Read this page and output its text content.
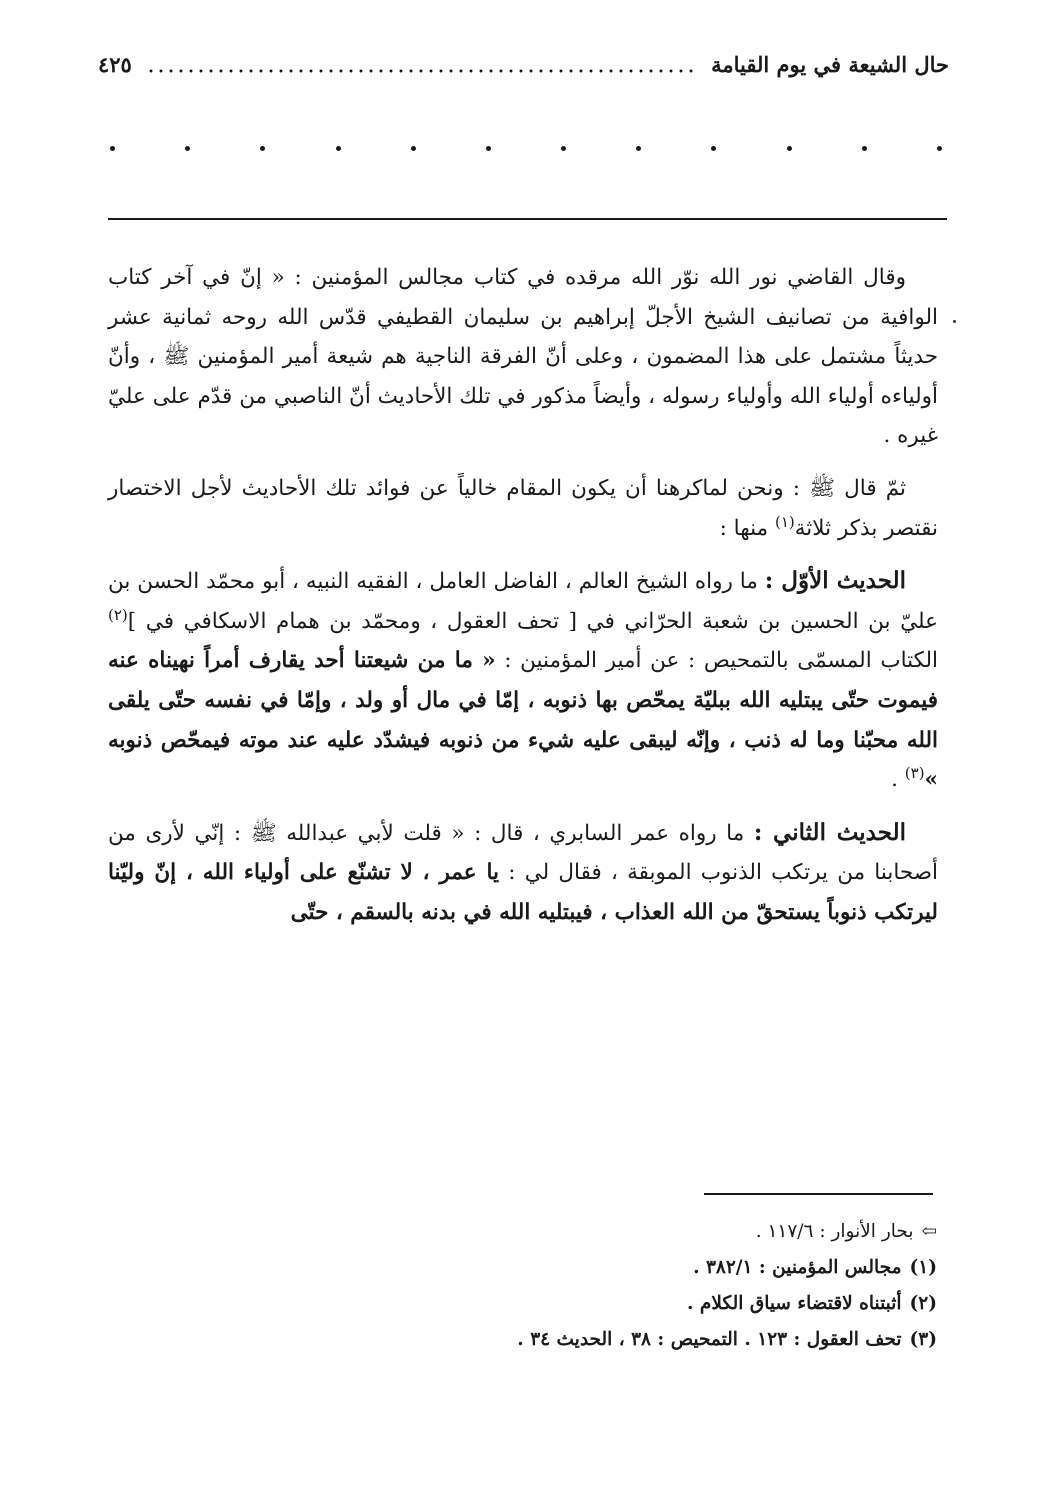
حال الشيعة في يوم القيامة
٤٢٥

وقال القاضي نور الله نوّر الله مرقده في كتاب مجالس المؤمنين : « إنّ في آخر كتاب الوافية من تصانيف الشيخ الأجلّ إبراهيم بن سليمان القطيفي قدّس الله روحه ثمانية عشر حديثاً مشتمل على هذا المضمون ، وعلى أنّ الفرقة الناجية هم شيعة أمير المؤمنين ﷺ ، وأنّ أولياءه أولياء الله وأولياء رسوله ، وأيضاً مذكور في تلك الأحاديث أنّ الناصبي من قدّم على عليّ غيره .

ثمّ قال ﷺ : ونحن لماكرهنا أن يكون المقام خالياً عن فوائد تلك الأحاديث لأجل الاختصار نقتصر بذكر ثلاثة$^{(١)}$ منها :

الحديث الأوّل : ما رواه الشيخ العالم ، الفاضل العامل ، الفقيه النبيه ، أبو محمّد الحسن بن عليّ بن الحسين بن شعبة الحرّاني في [ تحف العقول ، ومحمّد بن همام الاسكافي في ]$^{(٢)}$ الكتاب المسمّى بالتمحيص : عن أمير المؤمنين : « ما من شيعتنا أحد يقارف أمراً نهيناه عنه فيموت حتّى يبتليه الله ببليّة يمحّص بها ذنوبه ، إمّا في مال أو ولد ، وإمّا في نفسه حتّى يلقى الله محبّنا وما له ذنب ، وإنّه ليبقى عليه شيء من ذنوبه فيشدّد عليه عند موته فيمحّص ذنوبه »$^{(٣)}$ .

الحديث الثاني : ما رواه عمر السابري ، قال : « قلت لأبي عبدالله ﷺ : إنّي لأرى من أصحابنا من يرتكب الذنوب الموبقة ، فقال لي : يا عمر ، لا تشنّع على أولياء الله ، إنّ وليّنا ليرتكب ذنوباً يستحقّ من الله العذاب ، فيبتليه الله في بدنه بالسقم ، حتّى

⇦بحار الأنوار : ١١٧/٦ .
(١)مجالس المؤمنين : ٣٨٢/١ .
(٢)أثبتناه لاقتضاء سياق الكلام .
(٣)تحف العقول : ١٢٣ . التمحيص : ٣٨ ، الحديث ٣٤ .
